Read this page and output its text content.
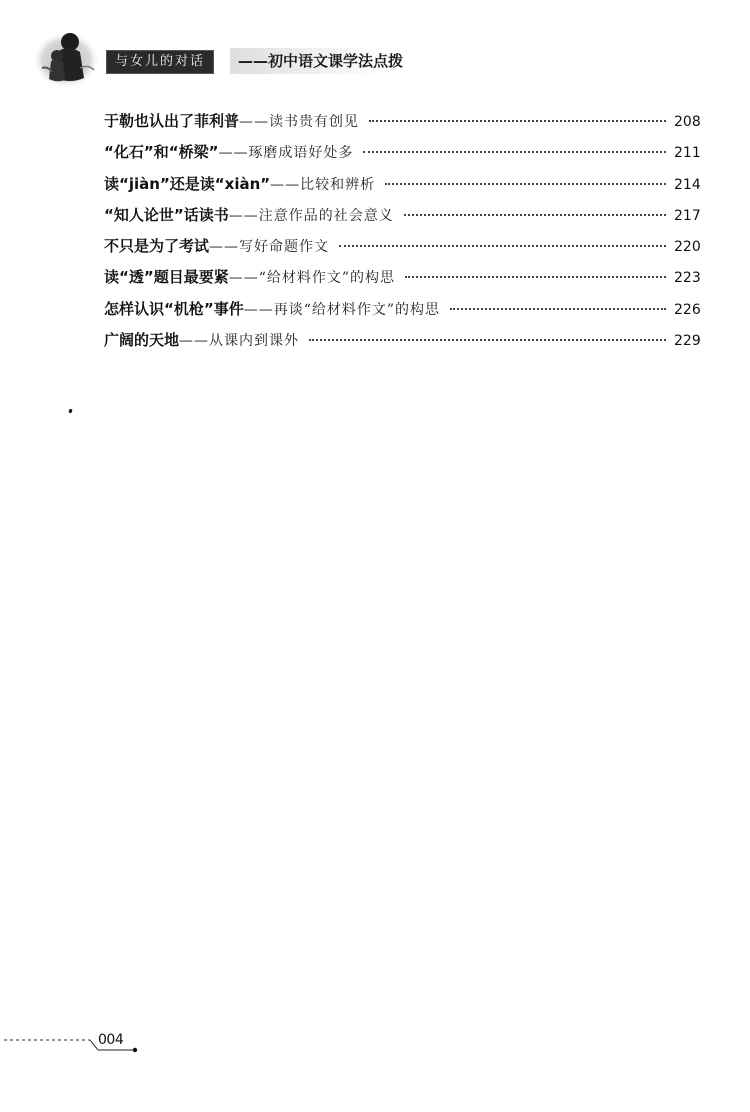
与女儿的对话	——初中语文课学法点拨
于勒也认出了菲利普 ——读书贵有创见	208
“化石”和“桥梁” ——琢磨成语好处多	211
读“jiàn”还是读“xiàn” ——比较和辨析	214
“知人论世”话读书 ——注意作品的社会意义	217
不只是为了考试 ——写好命题作文	220
读“透”题目最要紧 ——“给材料作文”的构思	223
怎样认识“机枪”事件 ——再谈“给材料作文”的构思	226
广阔的天地 ——从课内到课外	229
004
